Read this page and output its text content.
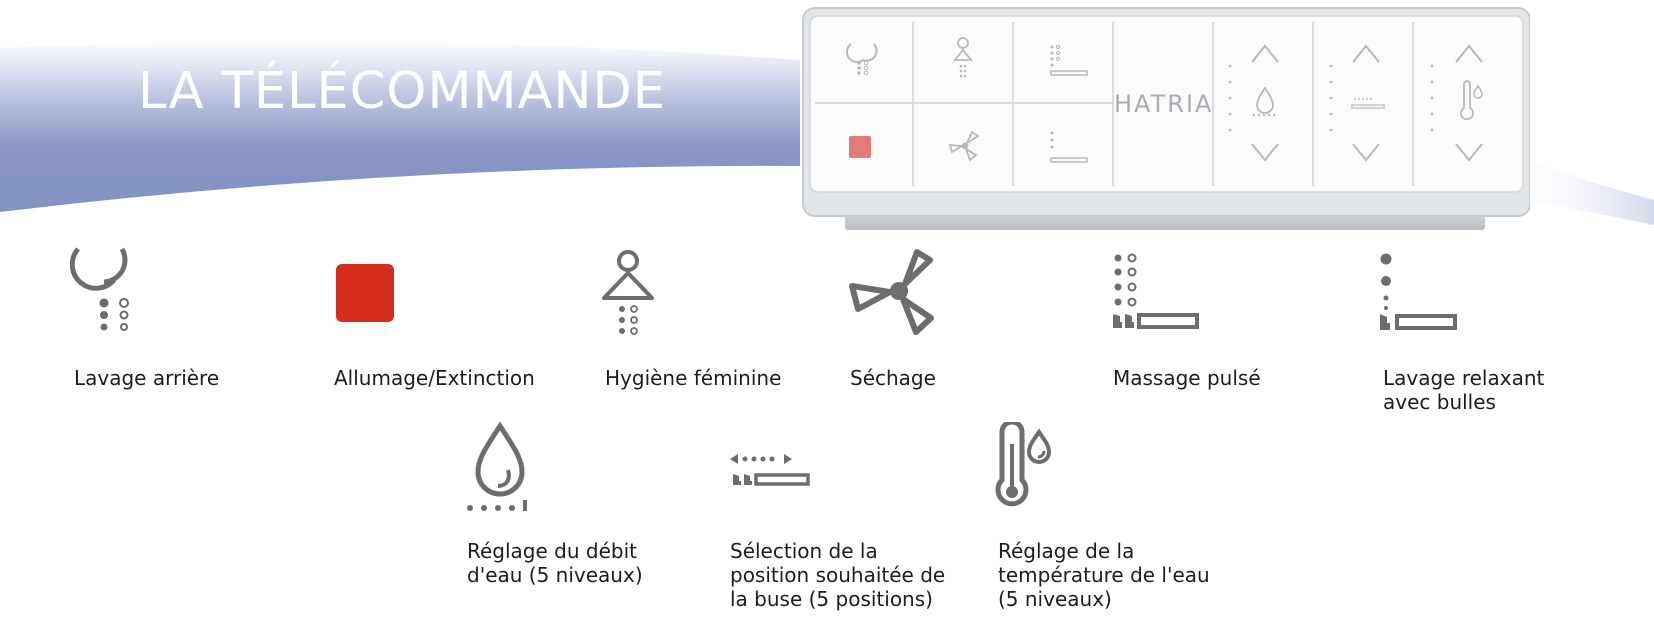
LA TÉLÉCOMMANDE	HATRIA
Lavage arrière	Allumage/Extinction	Hygiène féminine	Séchage	Massage pulsé	Lavage relaxant
avec bulles
Réglage du débit
d'eau (5 niveaux)
Sélection de la
position souhaitée de
la buse (5 positions)
Réglage de la
température de l'eau
(5 niveaux)
